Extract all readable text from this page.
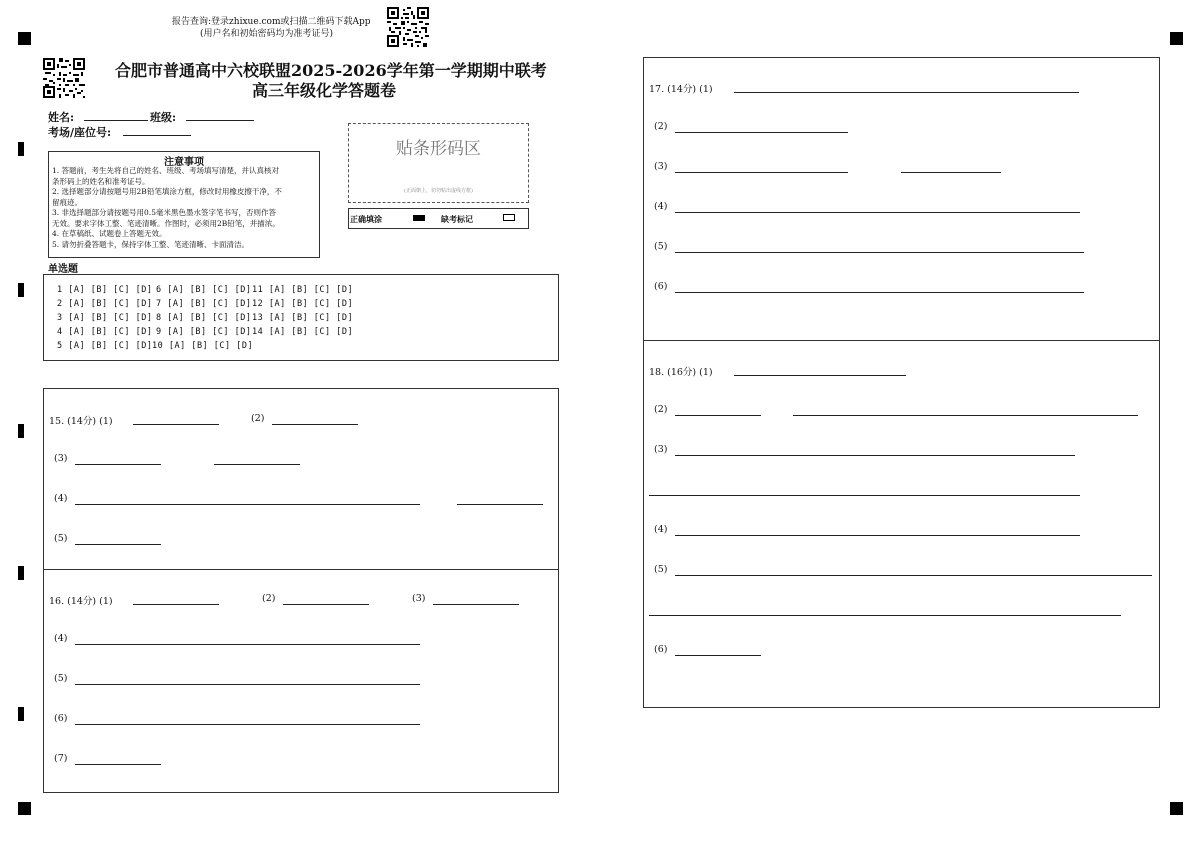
报告查询:登录zhixue.com或扫描二维码下载App
(用户名和初始密码均为准考证号)
合肥市普通高中六校联盟2025-2026学年第一学期期中联考
高三年级化学答题卷
姓名:	班级:
考场/座位号:
贴条形码区
(正面朝上，切勿贴出虚线方框)
正确填涂	缺考标记
注意事项
1. 答题前，考生先将自己的姓名、班级、考场填写清楚，并认真核对
条形码上的姓名和准考证号。
2. 选择题部分请按题号用2B铅笔填涂方框，修改时用橡皮擦干净，不
留痕迹。
3. 非选择题部分请按题号用0.5毫米黑色墨水签字笔书写，否则作答
无效。要求字体工整、笔迹清晰。作图时，必须用2B铅笔，并描浓。
4. 在草稿纸、试题卷上答题无效。
5. 请勿折叠答题卡，保持字体工整、笔迹清晰、卡面清洁。
单选题
1 [A] [B] [C] [D] 6 [A] [B] [C] [D] 11 [A] [B] [C] [D]
2 [A] [B] [C] [D] 7 [A] [B] [C] [D] 12 [A] [B] [C] [D]
3 [A] [B] [C] [D] 8 [A] [B] [C] [D] 13 [A] [B] [C] [D]
4 [A] [B] [C] [D] 9 [A] [B] [C] [D] 14 [A] [B] [C] [D]
5 [A] [B] [C] [D] 10 [A] [B] [C] [D]
15. (14分) (1)	(2)
(3)
(4)
(5)
16. (14分) (1)	(2)	(3)
(4)
(5)
(6)
(7)
17. (14分) (1)
(2)
(3)
(4)
(5)
(6)
18. (16分) (1)
(2)
(3)
(4)
(5)
(6)
